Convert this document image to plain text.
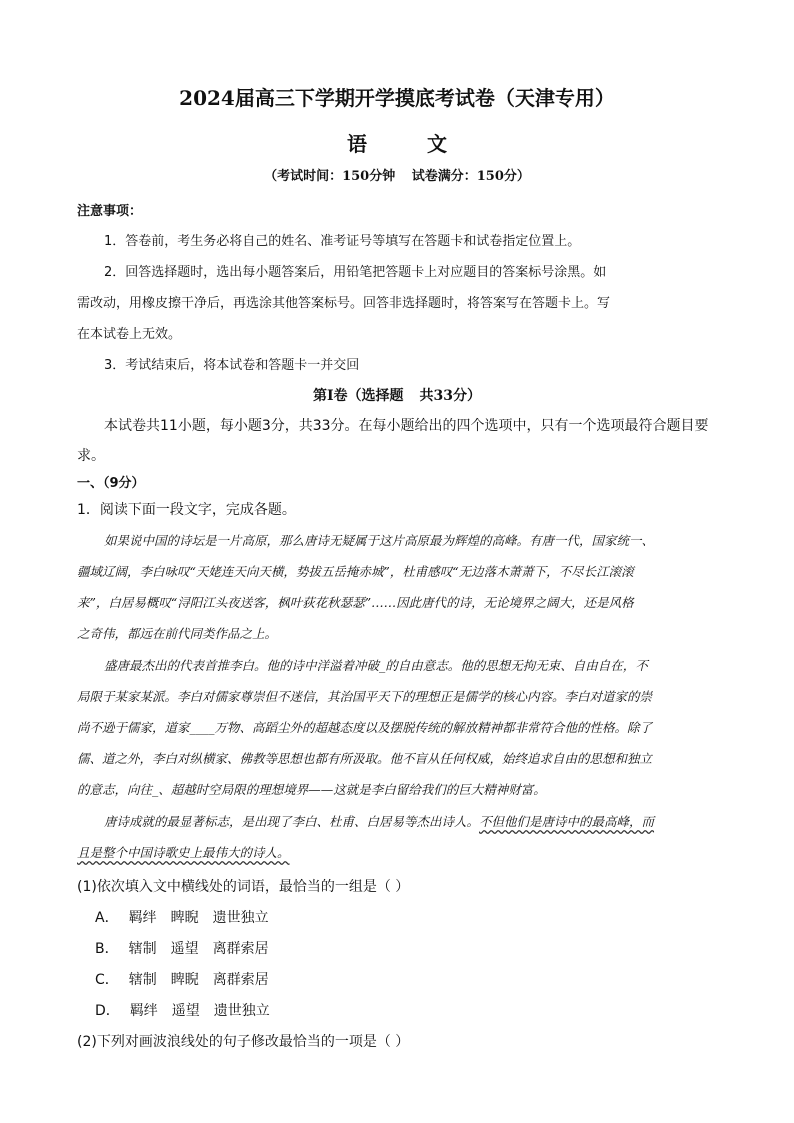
2024届高三下学期开学摸底考试卷（天津专用）
语文
（考试时间：150分钟 试卷满分：150分）
注意事项：
1．答卷前，考生务必将自己的姓名、准考证号等填写在答题卡和试卷指定位置上。
2．回答选择题时，选出每小题答案后，用铅笔把答题卡上对应题目的答案标号涂黑。如
需改动，用橡皮擦干净后，再选涂其他答案标号。回答非选择题时，将答案写在答题卡上。写
在本试卷上无效。
3．考试结束后，将本试卷和答题卡一并交回
第Ⅰ卷（选择题 共33分）
本试卷共11小题，每小题3分，共33分。在每小题给出的四个选项中，只有一个选项最符合题目要
求。
一、（9分）
1．阅读下面一段文字，完成各题。
如果说中国的诗坛是一片高原，那么唐诗无疑属于这片高原最为辉煌的高峰。有唐一代，国家统一、
疆域辽阔，李白咏叹“天姥连天向天横，势拔五岳掩赤城”，杜甫感叹“无边落木萧萧下，不尽长江滚滚
来”，白居易概叹“浔阳江头夜送客，枫叶荻花秋瑟瑟”……因此唐代的诗，无论境界之阔大，还是风格
之奇伟，都远在前代同类作品之上。
盛唐最杰出的代表首推李白。他的诗中洋溢着冲破_的自由意志。他的思想无拘无束、自由自在，不
局限于某家某派。李白对儒家尊崇但不迷信，其治国平天下的理想正是儒学的核心内容。李白对道家的崇
尚不逊于儒家，道家____万物、高蹈尘外的超越态度以及摆脱传统的解放精神都非常符合他的性格。除了
儒、道之外，李白对纵横家、佛教等思想也都有所汲取。他不盲从任何权威，始终追求自由的思想和独立
的意志，向往_、超越时空局限的理想境界——这就是李白留给我们的巨大精神财富。
唐诗成就的最显著标志，是出现了李白、杜甫、白居易等杰出诗人。不但他们是唐诗中的最高峰，而
且是整个中国诗歌史上最伟大的诗人。
(1)依次填入文中横线处的词语，最恰当的一组是（ ）
A． 羁绊 睥睨 遗世独立
B． 辖制 遥望 离群索居
C． 辖制 睥睨 离群索居
D． 羁绊 遥望 遗世独立
(2)下列对画波浪线处的句子修改最恰当的一项是（ ）
